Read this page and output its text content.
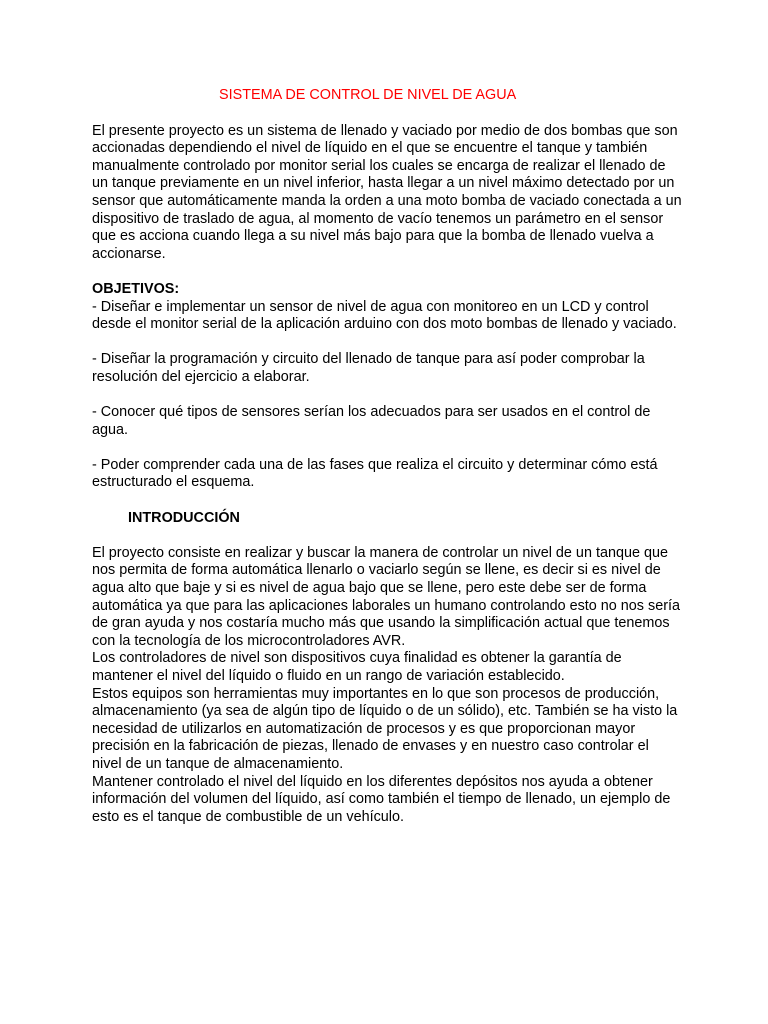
SISTEMA DE CONTROL DE NIVEL DE AGUA

El presente proyecto es un sistema de llenado y vaciado por medio de dos bombas que son accionadas dependiendo el nivel de líquido en el que se encuentre el tanque y también manualmente controlado por monitor serial los cuales se encarga de realizar el llenado de un tanque previamente en un nivel inferior, hasta llegar a un nivel máximo detectado por un sensor que automáticamente manda la orden a una moto bomba de vaciado conectada a un dispositivo de traslado de agua, al momento de vacío tenemos un parámetro en el sensor que es acciona cuando llega a su nivel más bajo para que la bomba de llenado vuelva a accionarse.

OBJETIVOS:

- Diseñar e implementar un sensor de nivel de agua con monitoreo en un LCD y control desde el monitor serial de la aplicación arduino con dos moto bombas de llenado y vaciado.

- Diseñar la programación y circuito del llenado de tanque para así poder comprobar la resolución del ejercicio a elaborar.

- Conocer qué tipos de sensores serían los adecuados para ser usados en el control de agua.

- Poder comprender cada una de las fases que realiza el circuito y determinar cómo está estructurado el esquema.

INTRODUCCIÓN

El proyecto consiste en realizar y buscar la manera de controlar un nivel de un tanque que nos permita de forma automática llenarlo o vaciarlo según se llene, es decir si es nivel de agua alto que baje y si es nivel de agua bajo que se llene, pero este debe ser de forma automática ya que para las aplicaciones laborales un humano controlando esto no nos sería de gran ayuda y nos costaría mucho más que usando la simplificación actual que tenemos con la tecnología de los microcontroladores AVR.

Los controladores de nivel son dispositivos cuya finalidad es obtener la garantía de mantener el nivel del líquido o fluido en un rango de variación establecido.

Estos equipos son herramientas muy importantes en lo que son procesos de producción, almacenamiento (ya sea de algún tipo de líquido o de un sólido), etc. También se ha visto la necesidad de utilizarlos en automatización de procesos y es que proporcionan mayor precisión en la fabricación de piezas, llenado de envases y en nuestro caso controlar el nivel de un tanque de almacenamiento.

Mantener controlado el nivel del líquido en los diferentes depósitos nos ayuda a obtener información del volumen del líquido, así como también el tiempo de llenado, un ejemplo de esto es el tanque de combustible de un vehículo.
